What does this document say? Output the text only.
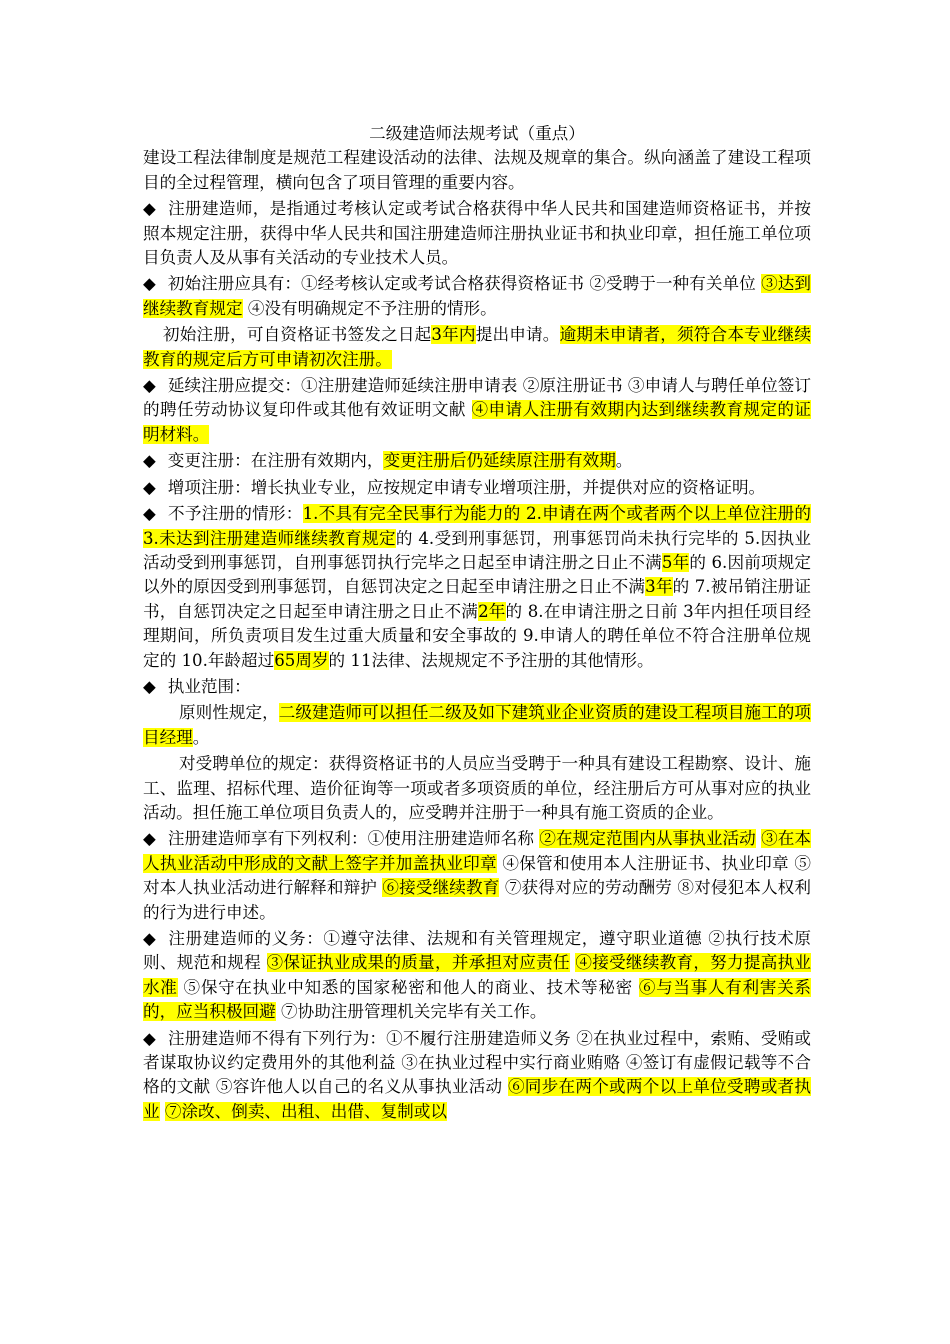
二级建造师法规考试（重点）

建设工程法律制度是规范工程建设活动的法律、法规及规章的集合。纵向涵盖了建设工程项目的全过程管理，横向包含了项目管理的重要内容。

◆ 注册建造师，是指通过考核认定或考试合格获得中华人民共和国建造师资格证书，并按照本规定注册，获得中华人民共和国注册建造师注册执业证书和执业印章，担任施工单位项目负责人及从事有关活动的专业技术人员。

◆ 初始注册应具有：①经考核认定或考试合格获得资格证书 ②受聘于一种有关单位 ③达到继续教育规定 ④没有明确规定不予注册的情形。

初始注册，可自资格证书签发之日起3年内提出申请。逾期未申请者，须符合本专业继续教育的规定后方可申请初次注册。

◆ 延续注册应提交：①注册建造师延续注册申请表 ②原注册证书 ③申请人与聘任单位签订的聘任劳动协议复印件或其他有效证明文献 ④申请人注册有效期内达到继续教育规定的证明材料。

◆ 变更注册：在注册有效期内，变更注册后仍延续原注册有效期。

◆ 增项注册：增长执业专业，应按规定申请专业增项注册，并提供对应的资格证明。

◆ 不予注册的情形：1.不具有完全民事行为能力的 2.申请在两个或者两个以上单位注册的 3.未达到注册建造师继续教育规定的 4.受到刑事惩罚，刑事惩罚尚未执行完毕的 5.因执业活动受到刑事惩罚，自刑事惩罚执行完毕之日起至申请注册之日止不满5年的 6.因前项规定以外的原因受到刑事惩罚，自惩罚决定之日起至申请注册之日止不满3年的 7.被吊销注册证书，自惩罚决定之日起至申请注册之日止不满2年的 8.在申请注册之日前 3年内担任项目经理期间，所负责项目发生过重大质量和安全事故的 9.申请人的聘任单位不符合注册单位规定的 10.年龄超过65周岁的 11法律、法规规定不予注册的其他情形。

◆ 执业范围：

原则性规定，二级建造师可以担任二级及如下建筑业企业资质的建设工程项目施工的项目经理。

对受聘单位的规定：获得资格证书的人员应当受聘于一种具有建设工程勘察、设计、施工、监理、招标代理、造价征询等一项或者多项资质的单位，经注册后方可从事对应的执业活动。担任施工单位项目负责人的，应受聘并注册于一种具有施工资质的企业。

◆ 注册建造师享有下列权利：①使用注册建造师名称 ②在规定范围内从事执业活动 ③在本人执业活动中形成的文献上签字并加盖执业印章 ④保管和使用本人注册证书、执业印章 ⑤对本人执业活动进行解释和辩护 ⑥接受继续教育 ⑦获得对应的劳动酬劳 ⑧对侵犯本人权利的行为进行申述。

◆ 注册建造师的义务：①遵守法律、法规和有关管理规定，遵守职业道德 ②执行技术原则、规范和规程 ③保证执业成果的质量，并承担对应责任 ④接受继续教育，努力提高执业水准 ⑤保守在执业中知悉的国家秘密和他人的商业、技术等秘密 ⑥与当事人有利害关系的，应当积极回避 ⑦协助注册管理机关完毕有关工作。

◆ 注册建造师不得有下列行为：①不履行注册建造师义务 ②在执业过程中，索贿、受贿或者谋取协议约定费用外的其他利益 ③在执业过程中实行商业贿赂 ④签订有虚假记载等不合格的文献 ⑤容许他人以自己的名义从事执业活动 ⑥同步在两个或两个以上单位受聘或者执业 ⑦涂改、倒卖、出租、出借、复制或以
